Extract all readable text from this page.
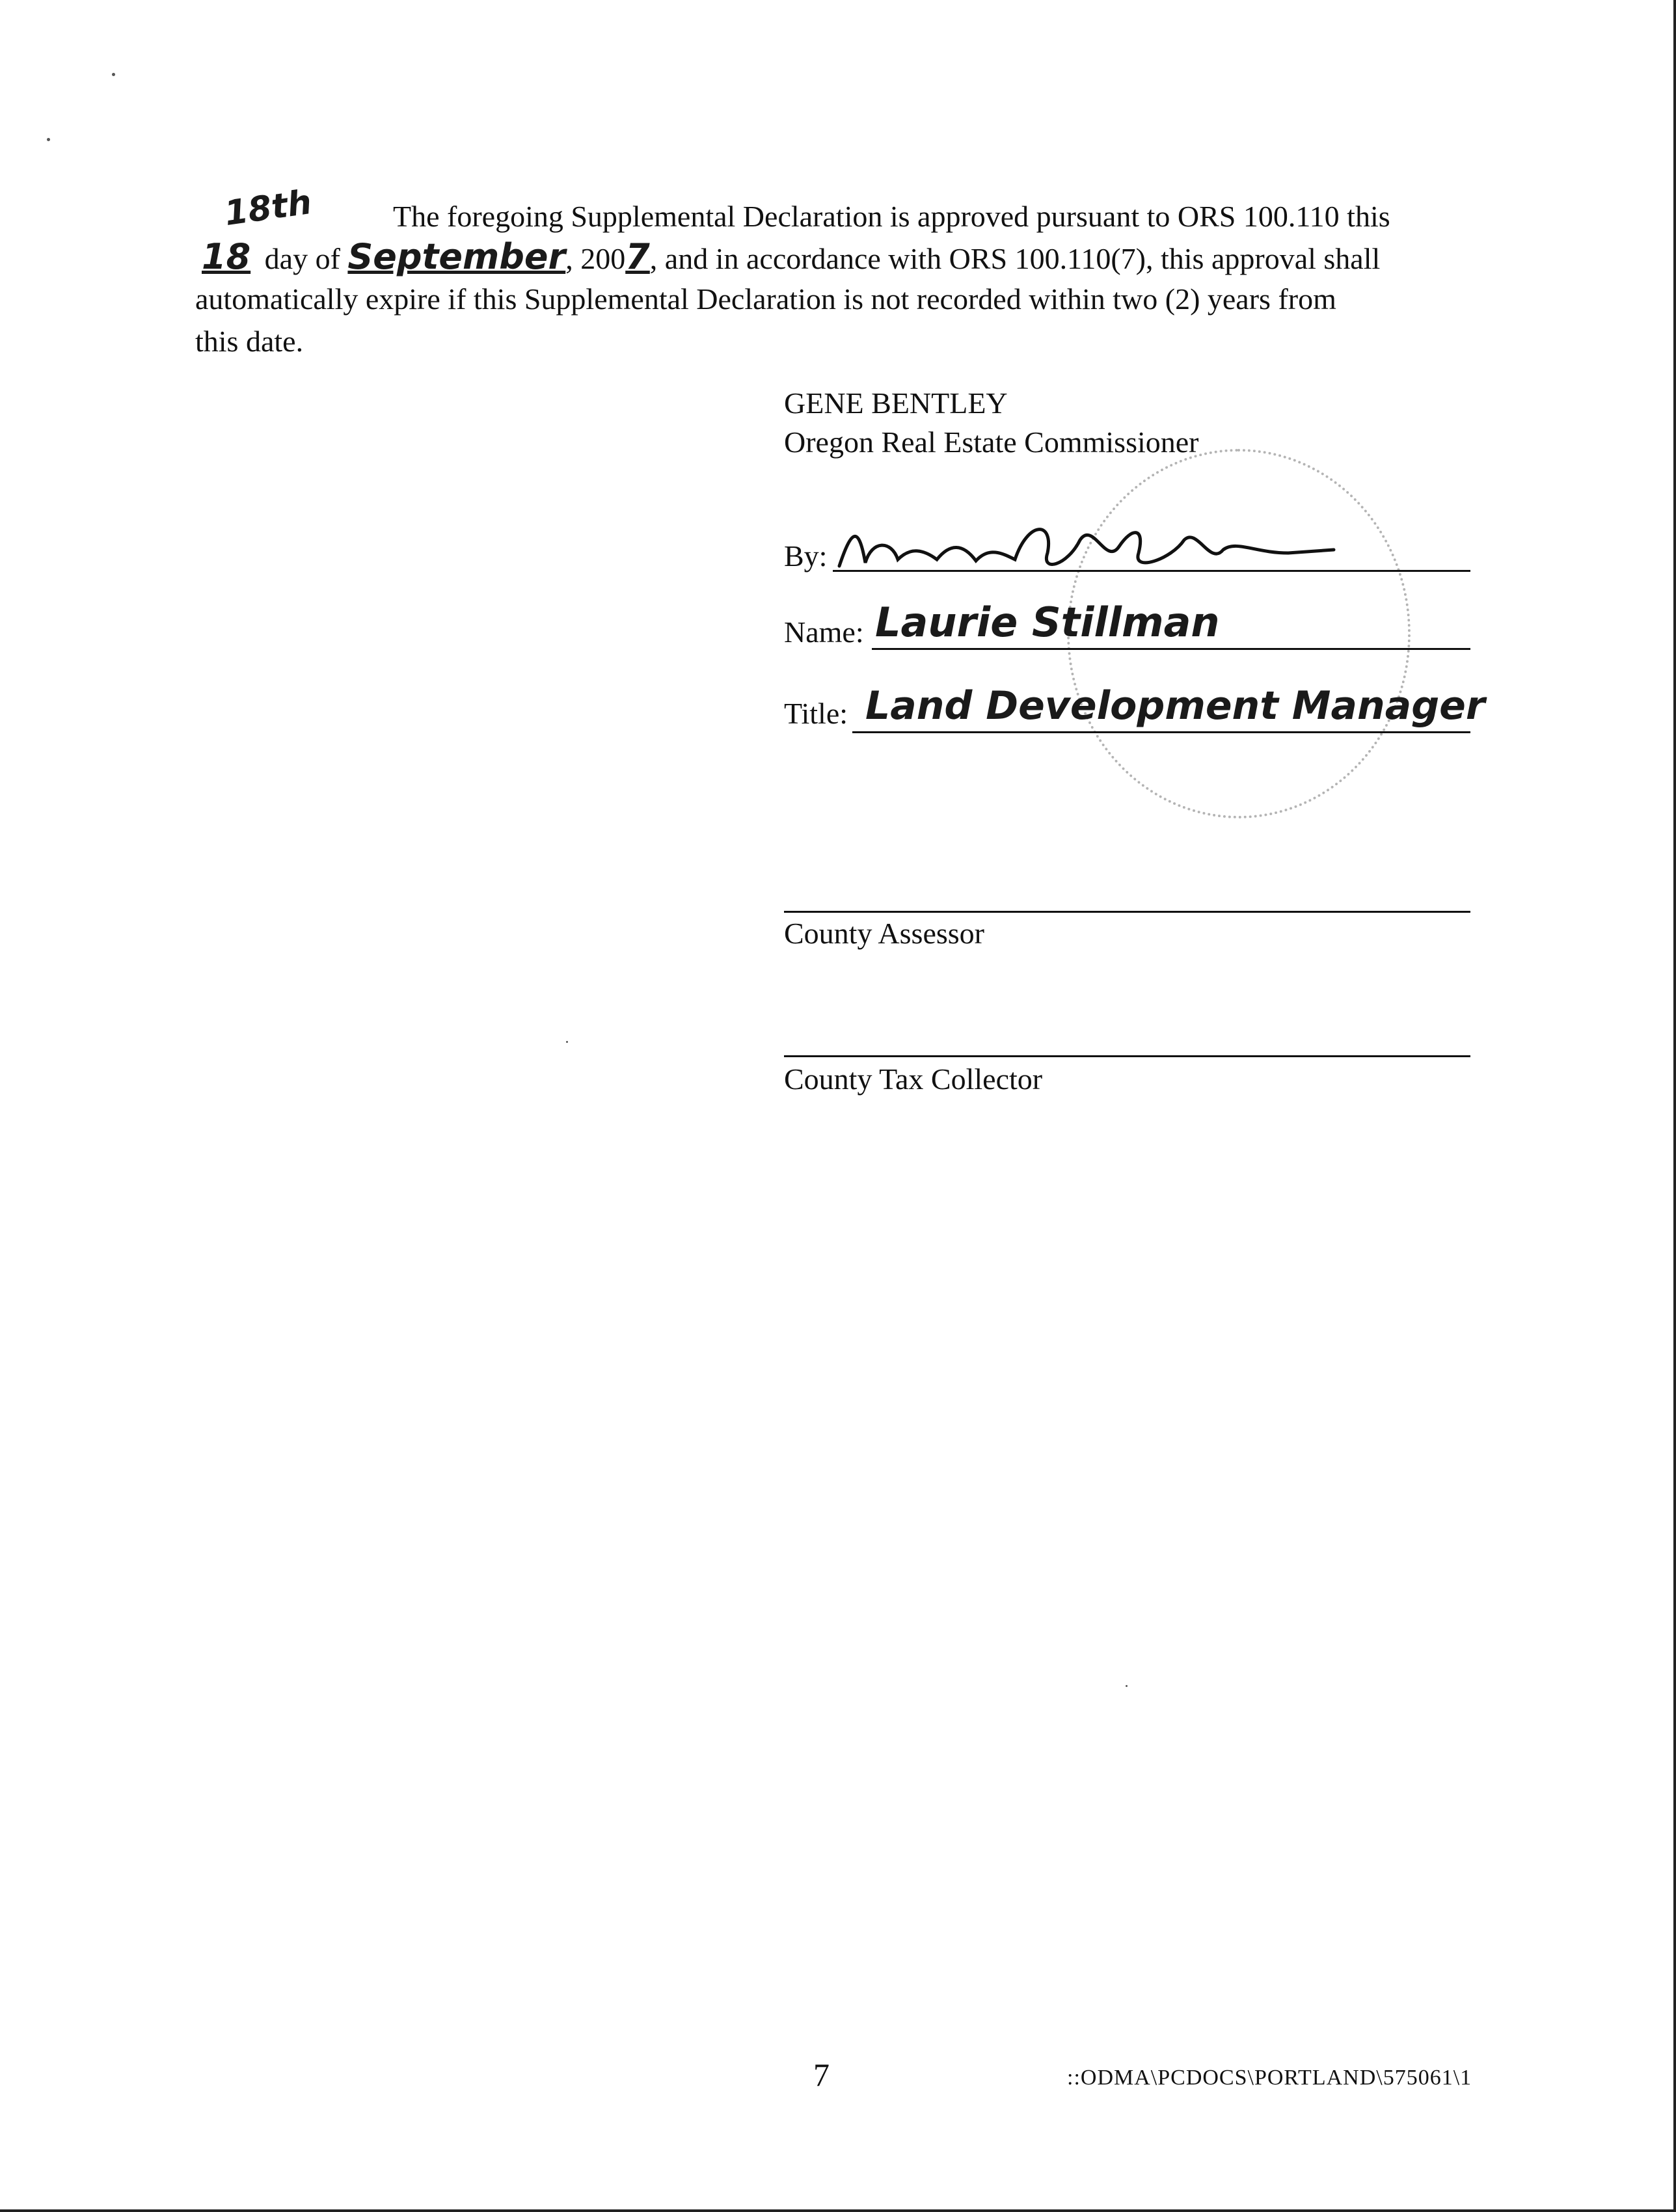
18th	The foregoing Supplemental Declaration is approved pursuant to ORS 100.110 this
18 day of September, 2007, and in accordance with ORS 100.110(7), this approval shall
automatically expire if this Supplemental Declaration is not recorded within two (2) years from
this date.
GENE BENTLEY
Oregon Real Estate Commissioner
By:
Name: Laurie Stillman
Title: Land Development Manager
County Assessor
County Tax Collector
7	::ODMA\PCDOCS\PORTLAND\575061\1
